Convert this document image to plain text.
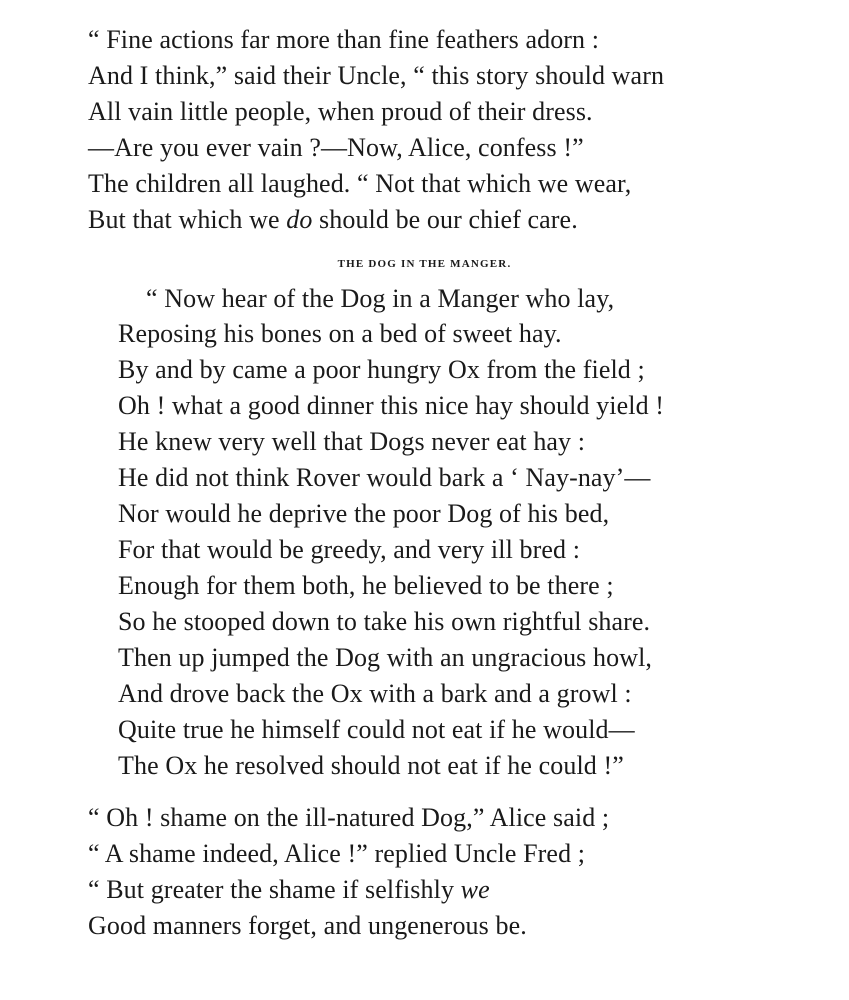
“ Fine actions far more than fine feathers adorn :
And I think,” said their Uncle, “ this story should warn
All vain little people, when proud of their dress.
—Are you ever vain ?—Now, Alice, confess !”
The children all laughed. “ Not that which we wear,
But that which we do should be our chief care.
THE DOG IN THE MANGER.
“ Now hear of the Dog in a Manger who lay,
Reposing his bones on a bed of sweet hay.
By and by came a poor hungry Ox from the field ;
Oh ! what a good dinner this nice hay should yield !
He knew very well that Dogs never eat hay :
He did not think Rover would bark a ‘ Nay-nay’—
Nor would he deprive the poor Dog of his bed,
For that would be greedy, and very ill bred :
Enough for them both, he believed to be there ;
So he stooped down to take his own rightful share.
Then up jumped the Dog with an ungracious howl,
And drove back the Ox with a bark and a growl :
Quite true he himself could not eat if he would—
The Ox he resolved should not eat if he could !”
“ Oh ! shame on the ill-natured Dog,” Alice said ;
“ A shame indeed, Alice !” replied Uncle Fred ;
“ But greater the shame if selfishly we
Good manners forget, and ungenerous be.
